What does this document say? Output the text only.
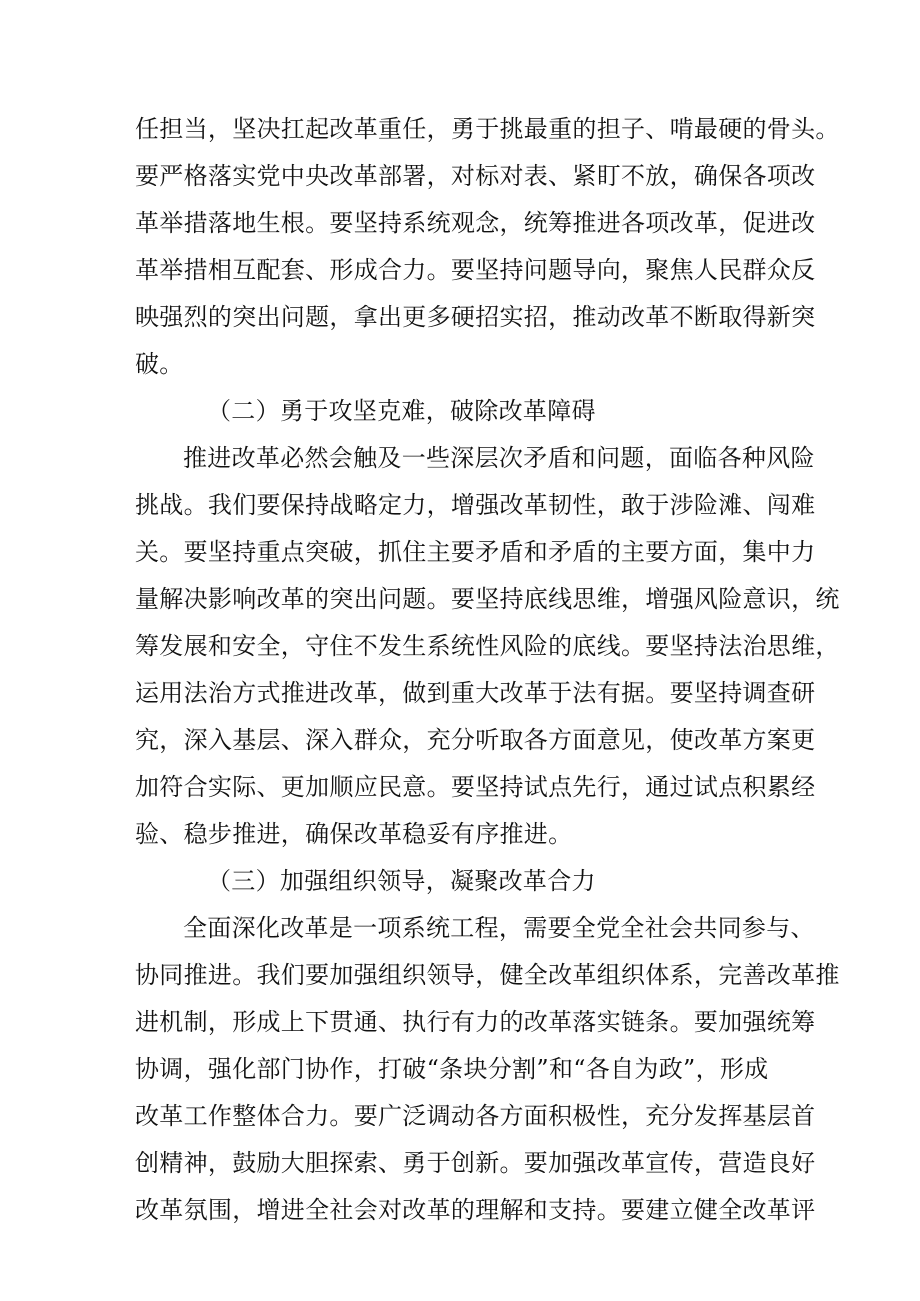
任担当，坚决扛起改革重任，勇于挑最重的担子、啃最硬的骨头。
要严格落实党中央改革部署，对标对表、紧盯不放，确保各项改
革举措落地生根。要坚持系统观念，统筹推进各项改革，促进改
革举措相互配套、形成合力。要坚持问题导向，聚焦人民群众反
映强烈的突出问题，拿出更多硬招实招，推动改革不断取得新突
破。
（二）勇于攻坚克难，破除改革障碍
推进改革必然会触及一些深层次矛盾和问题，面临各种风险
挑战。我们要保持战略定力，增强改革韧性，敢于涉险滩、闯难
关。要坚持重点突破，抓住主要矛盾和矛盾的主要方面，集中力
量解决影响改革的突出问题。要坚持底线思维，增强风险意识，统
筹发展和安全，守住不发生系统性风险的底线。要坚持法治思维，
运用法治方式推进改革，做到重大改革于法有据。要坚持调查研
究，深入基层、深入群众，充分听取各方面意见，使改革方案更
加符合实际、更加顺应民意。要坚持试点先行，通过试点积累经
验、稳步推进，确保改革稳妥有序推进。
（三）加强组织领导，凝聚改革合力
全面深化改革是一项系统工程，需要全党全社会共同参与、
协同推进。我们要加强组织领导，健全改革组织体系，完善改革推
进机制，形成上下贯通、执行有力的改革落实链条。要加强统筹
协调，强化部门协作，打破“条块分割”和“各自为政”，形成
改革工作整体合力。要广泛调动各方面积极性，充分发挥基层首
创精神，鼓励大胆探索、勇于创新。要加强改革宣传，营造良好
改革氛围，增进全社会对改革的理解和支持。要建立健全改革评
